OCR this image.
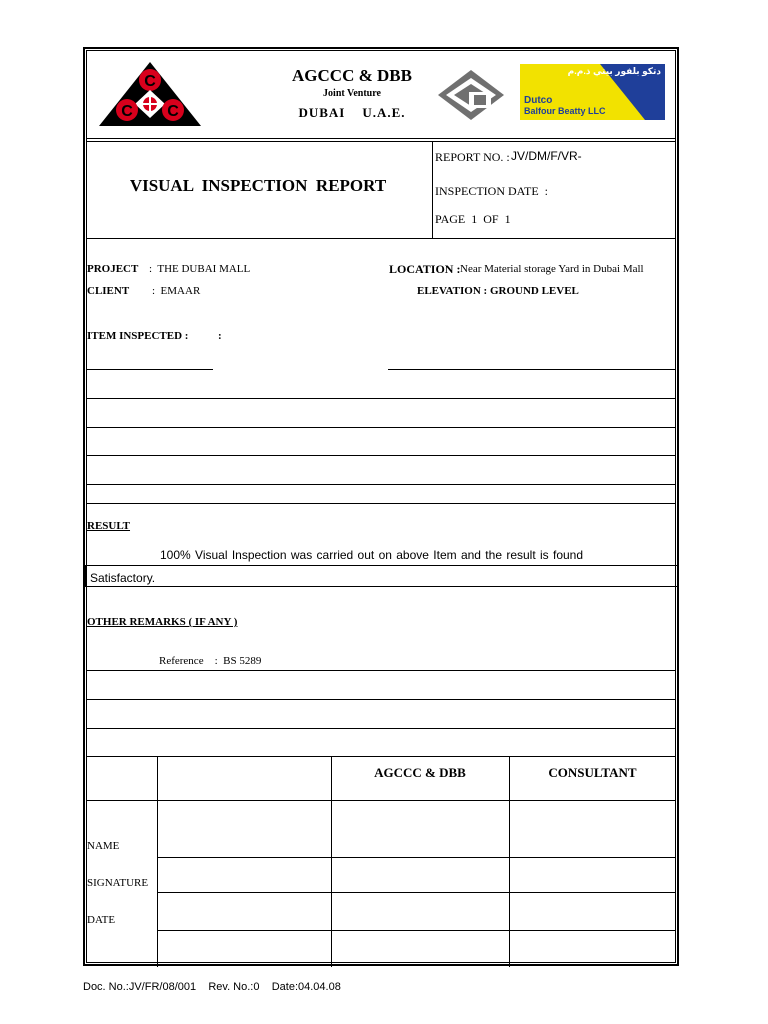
C
C C
AGCCC & DBB
Joint Venture
DUBAI    U.A.E.
دتكو بلفور بيتي ذ.م.م
Dutco
Balfour Beatty LLC
VISUAL  INSPECTION  REPORT
REPORT NO. : JV/DM/F/VR-
INSPECTION DATE  :
PAGE  1  OF  1
PROJECT :  THE DUBAI MALL
CLIENT :  EMAAR
LOCATION : Near Material storage Yard in Dubai Mall
ELEVATION : GROUND LEVEL
ITEM INSPECTED :	:
RESULT
100% Visual Inspection was carried out on above Item and the result is found
Satisfactory.
OTHER REMARKS ( IF ANY )
Reference    :  BS 5289
AGCCC & DBB	CONSULTANT
NAME
SIGNATURE
DATE
Doc. No.:JV/FR/08/001    Rev. No.:0    Date:04.04.08
